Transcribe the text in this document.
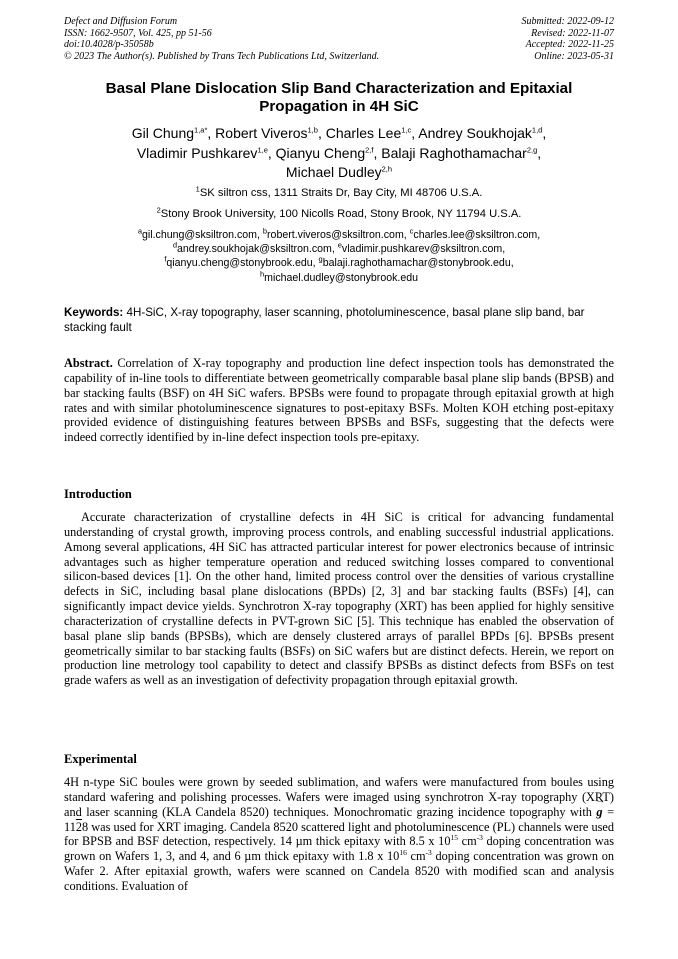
Defect and Diffusion Forum
ISSN: 1662-9507, Vol. 425, pp 51-56
doi:10.4028/p-35058b
© 2023 The Author(s). Published by Trans Tech Publications Ltd, Switzerland.
Submitted: 2022-09-12
Revised: 2022-11-07
Accepted: 2022-11-25
Online: 2023-05-31
Basal Plane Dislocation Slip Band Characterization and Epitaxial Propagation in 4H SiC
Gil Chung$^{1,a*}$, Robert Viveros$^{1,b}$, Charles Lee$^{1,c}$, Andrey Soukhojak$^{1,d}$,
Vladimir Pushkarev$^{1,e}$, Qianyu Cheng$^{2,f}$, Balaji Raghothamachar$^{2,g}$,
Michael Dudley$^{2,h}$
$^1$SK siltron css, 1311 Straits Dr, Bay City, MI 48706 U.S.A.
$^2$Stony Brook University, 100 Nicolls Road, Stony Brook, NY 11794 U.S.A.
$^a$gil.chung@sksiltron.com, $^b$robert.viveros@sksiltron.com, $^c$charles.lee@sksiltron.com,
$^d$andrey.soukhojak@sksiltron.com, $^e$vladimir.pushkarev@sksiltron.com,
$^f$qianyu.cheng@stonybrook.edu, $^g$balaji.raghothamachar@stonybrook.edu,
$^h$michael.dudley@stonybrook.edu
Keywords: 4H-SiC, X-ray topography, laser scanning, photoluminescence, basal plane slip band, bar stacking fault
Abstract. Correlation of X-ray topography and production line defect inspection tools has demonstrated the capability of in-line tools to differentiate between geometrically comparable basal plane slip bands (BPSB) and bar stacking faults (BSF) on 4H SiC wafers. BPSBs were found to propagate through epitaxial growth at high rates and with similar photoluminescence signatures to post-epitaxy BSFs. Molten KOH etching post-epitaxy provided evidence of distinguishing features between BPSBs and BSFs, suggesting that the defects were indeed correctly identified by in-line defect inspection tools pre-epitaxy.
Introduction
Accurate characterization of crystalline defects in 4H SiC is critical for advancing fundamental understanding of crystal growth, improving process controls, and enabling successful industrial applications. Among several applications, 4H SiC has attracted particular interest for power electronics because of intrinsic advantages such as higher temperature operation and reduced switching losses compared to conventional silicon-based devices [1]. On the other hand, limited process control over the densities of various crystalline defects in SiC, including basal plane dislocations (BPDs) [2, 3] and bar stacking faults (BSFs) [4], can significantly impact device yields. Synchrotron X-ray topography (XRT) has been applied for highly sensitive characterization of crystalline defects in PVT-grown SiC [5]. This technique has enabled the observation of basal plane slip bands (BPSBs), which are densely clustered arrays of parallel BPDs [6]. BPSBs present geometrically similar to bar stacking faults (BSFs) on SiC wafers but are distinct defects. Herein, we report on production line metrology tool capability to detect and classify BPSBs as distinct defects from BSFs on test grade wafers as well as an investigation of defectivity propagation through epitaxial growth.
Experimental
4H n-type SiC boules were grown by seeded sublimation, and wafers were manufactured from boules using standard wafering and polishing processes. Wafers were imaged using synchrotron X-ray topography (XRT) and laser scanning (KLA Candela 8520) techniques. Monochromatic grazing incidence topography with → g = 1128 was used for XRT imaging. Candela 8520 scattered light and photoluminescence (PL) channels were used for BPSB and BSF detection, respectively. 14 µm thick epitaxy with 8.5 x $10^{15}$ $cm^{-3}$ doping concentration was grown on Wafers 1, 3, and 4, and 6 µm thick epitaxy with 1.8 x $10^{16}$ $cm^{-3}$ doping concentration was grown on Wafer 2. After epitaxial growth, wafers were scanned on Candela 8520 with modified scan and analysis conditions. Evaluation of
